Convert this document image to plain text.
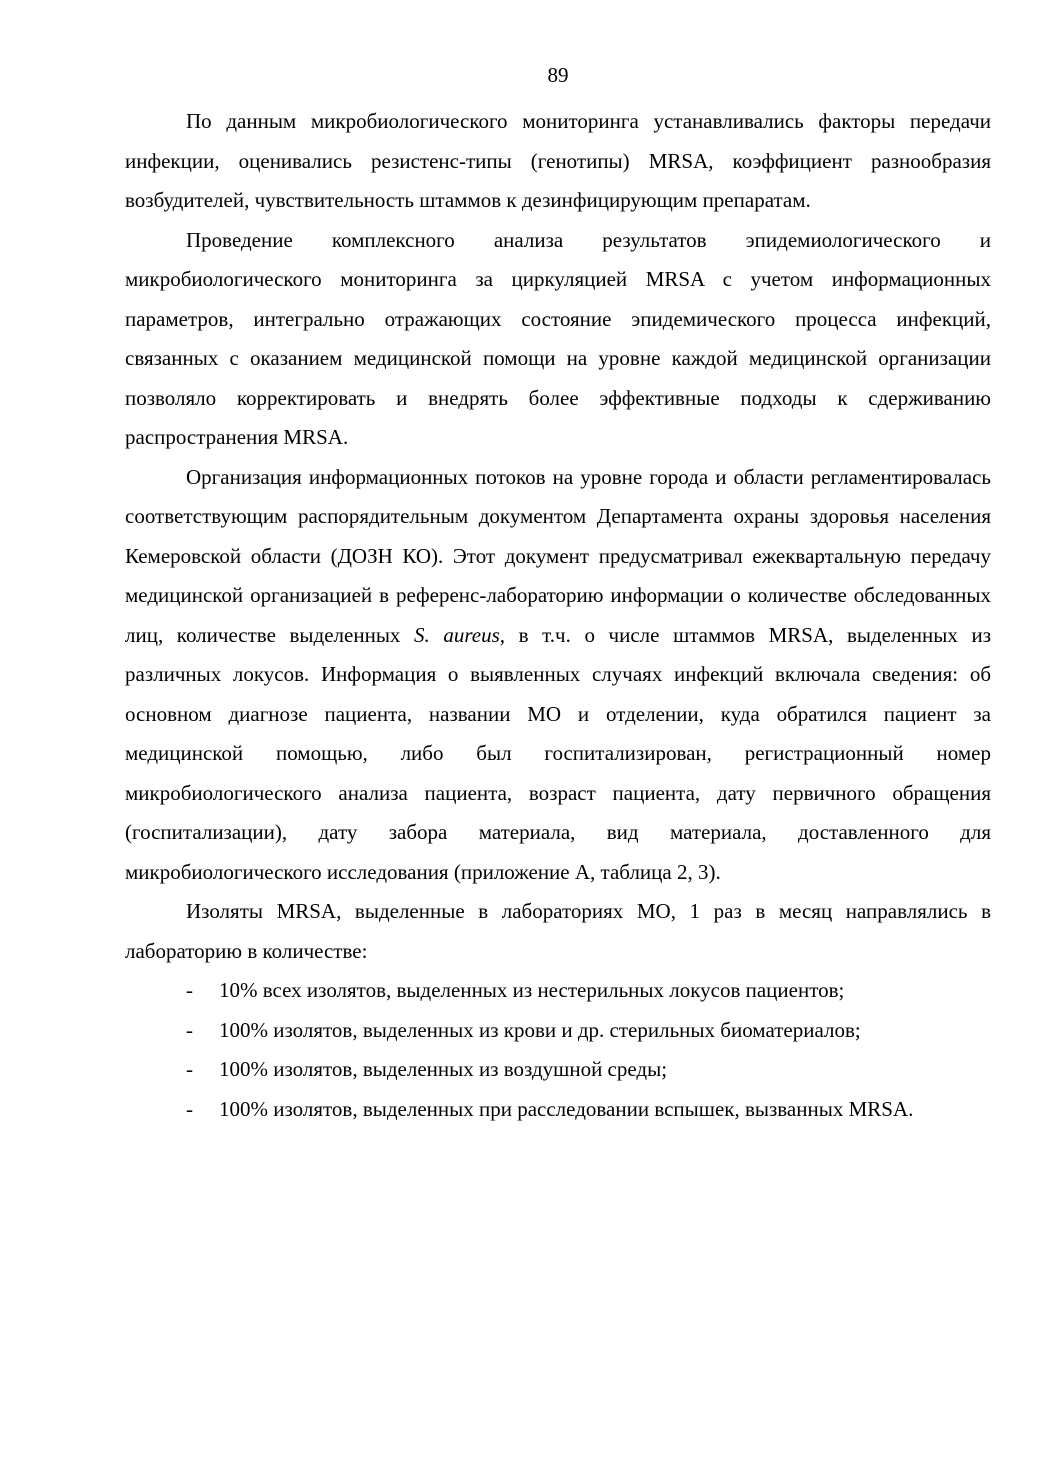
89

По данным микробиологического мониторинга устанавливались факторы передачи инфекции, оценивались резистенс-типы (генотипы) MRSA, коэффициент разнообразия возбудителей, чувствительность штаммов к дезинфицирующим препаратам.

Проведение комплексного анализа результатов эпидемиологического и микробиологического мониторинга за циркуляцией MRSA с учетом информационных параметров, интегрально отражающих состояние эпидемического процесса инфекций, связанных с оказанием медицинской помощи на уровне каждой медицинской организации позволяло корректировать и внедрять более эффективные подходы к сдерживанию распространения MRSA.

Организация информационных потоков на уровне города и области регламентировалась соответствующим распорядительным документом Департамента охраны здоровья населения Кемеровской области (ДОЗН КО). Этот документ предусматривал ежеквартальную передачу медицинской организацией в референс-лабораторию информации о количестве обследованных лиц, количестве выделенных S. aureus, в т.ч. о числе штаммов MRSA, выделенных из различных локусов. Информация о выявленных случаях инфекций включала сведения: об основном диагнозе пациента, названии МО и отделении, куда обратился пациент за медицинской помощью, либо был госпитализирован, регистрационный номер микробиологического анализа пациента, возраст пациента, дату первичного обращения (госпитализации), дату забора материала, вид материала, доставленного для микробиологического исследования (приложение А, таблица 2, 3).

Изоляты MRSA, выделенные в лабораториях МО, 1 раз в месяц направлялись в лабораторию в количестве:

- 10% всех изолятов, выделенных из нестерильных локусов пациентов;
- 100% изолятов, выделенных из крови и др. стерильных биоматериалов;
- 100% изолятов, выделенных из воздушной среды;
- 100% изолятов, выделенных при расследовании вспышек, вызванных MRSA.
